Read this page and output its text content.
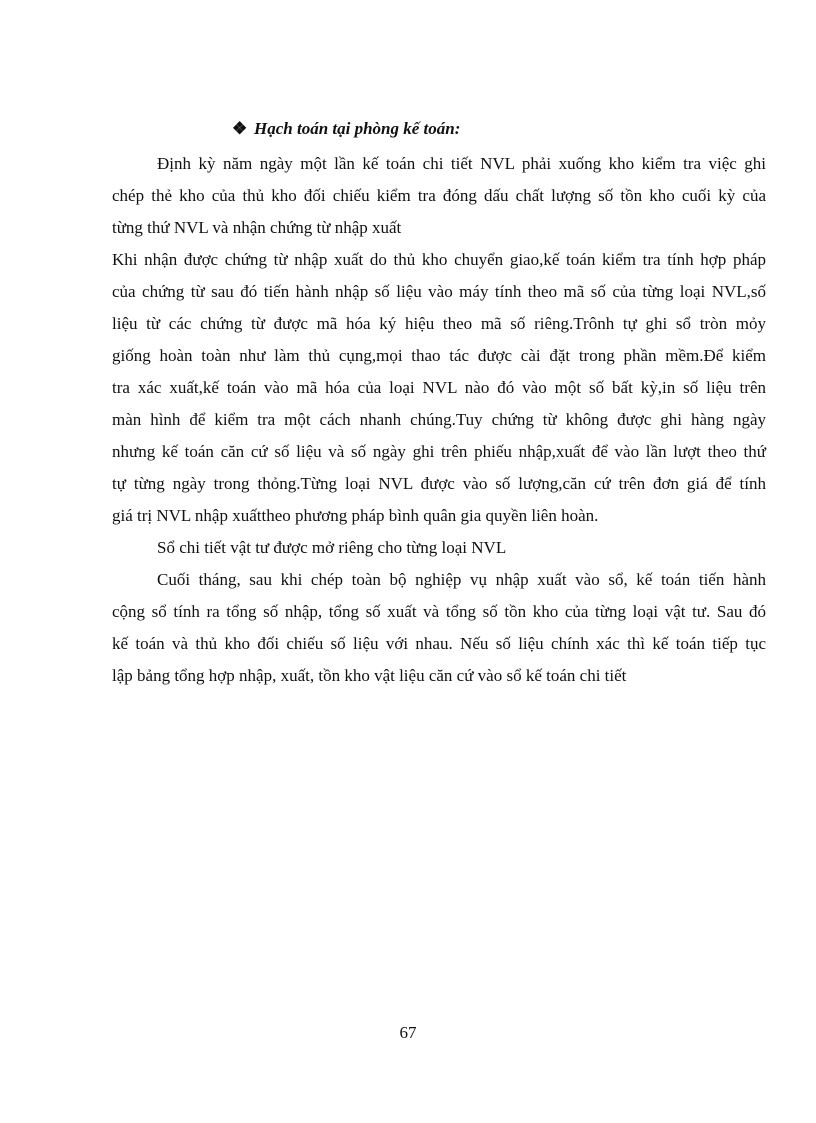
❖ Hạch toán tại phòng kế toán:
Định kỳ năm ngày một lần kế toán chi tiết NVL phải xuống kho kiểm tra việc ghi
chép thẻ kho của thủ kho đối chiếu kiểm tra đóng dấu chất lượng số tồn kho cuối kỳ của
từng thứ NVL và nhận chứng từ nhập xuất
Khi nhận được chứng từ nhập xuất do thủ kho chuyển giao,kế toán kiểm tra tính hợp pháp
của chứng từ sau đó tiến hành nhập số liệu vào máy tính theo mã số của từng loại NVL,số
liệu từ các chứng từ được mã hóa ký hiệu theo mã số riêng.Trônh tự ghi sổ tròn mỏy
giống hoàn toàn như làm thủ cụng,mọi thao tác được cài đặt trong phần mềm.Để kiểm
tra xác xuất,kế toán vào mã hóa của loại NVL nào đó vào một số bất kỳ,in số liệu trên
màn hình để kiểm tra một cách nhanh chúng.Tuy chứng từ không được ghi hàng ngày
nhưng kế toán căn cứ số liệu và số ngày ghi trên phiếu nhập,xuất để vào lần lượt theo thứ
tự từng ngày trong thỏng.Từng loại NVL được vào số lượng,căn cứ trên đơn giá để tính
giá trị NVL nhập xuấttheo phương pháp bình quân gia quyền liên hoàn.
Sổ chi tiết vật tư được mở riêng cho từng loại NVL
Cuối tháng, sau khi chép toàn bộ nghiệp vụ nhập xuất vào sổ, kế toán tiến hành
cộng sổ tính ra tổng số nhập, tổng số xuất và tổng số tồn kho của từng loại vật tư. Sau đó
kế toán và thủ kho đối chiếu số liệu với nhau. Nếu số liệu chính xác thì kế toán tiếp tục
lập bảng tổng hợp nhập, xuất, tồn kho vật liệu căn cứ vào sổ kế toán chi tiết
67
